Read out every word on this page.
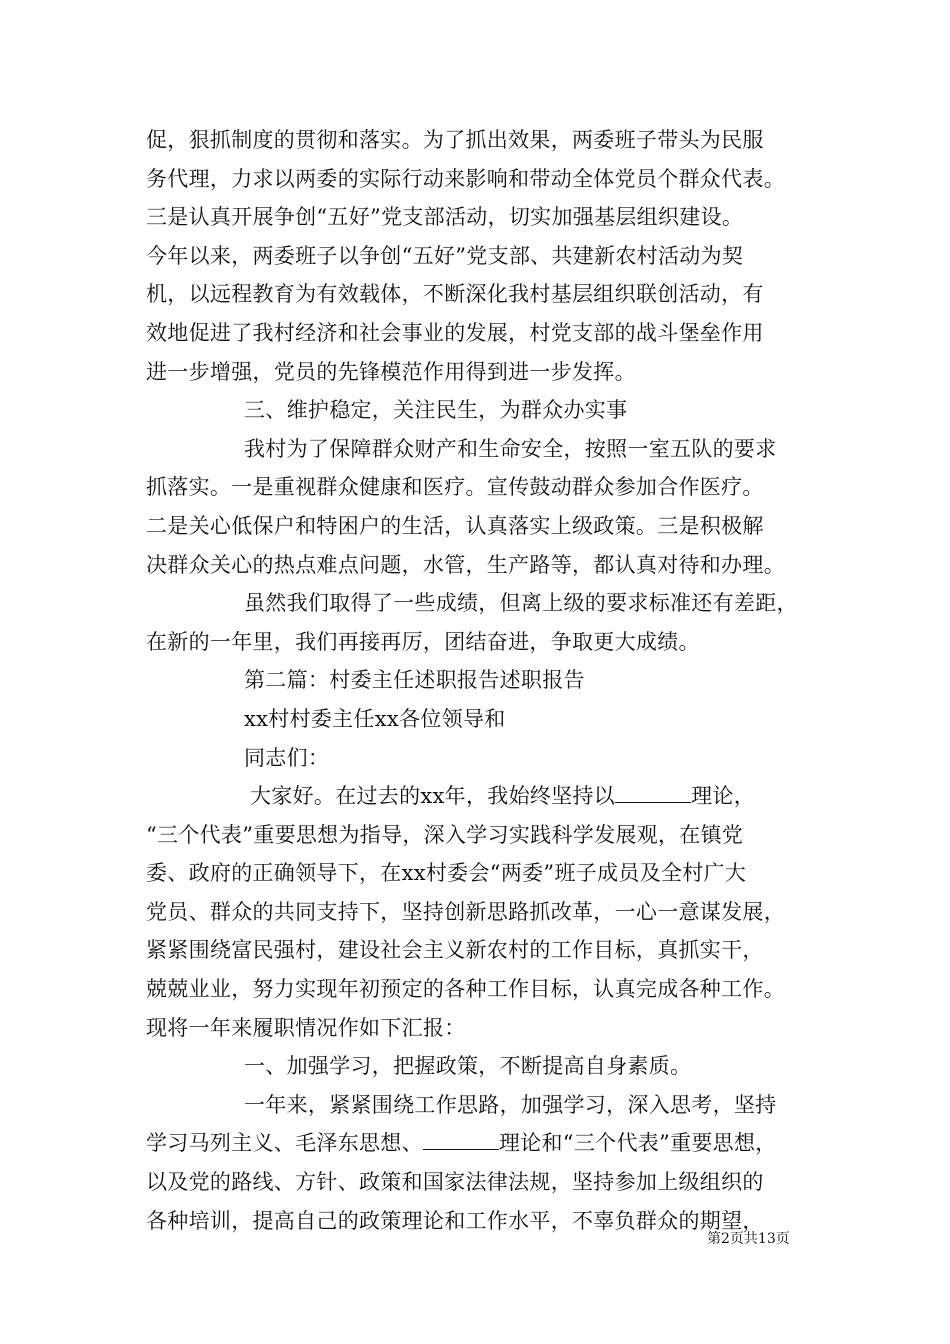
促，狠抓制度的贯彻和落实。为了抓出效果，两委班子带头为民服
务代理，力求以两委的实际行动来影响和带动全体党员个群众代表。
三是认真开展争创“五好”党支部活动，切实加强基层组织建设。
今年以来，两委班子以争创“五好”党支部、共建新农村活动为契
机，以远程教育为有效载体，不断深化我村基层组织联创活动，有
效地促进了我村经济和社会事业的发展，村党支部的战斗堡垒作用
进一步增强，党员的先锋模范作用得到进一步发挥。
三、维护稳定，关注民生，为群众办实事
我村为了保障群众财产和生命安全，按照一室五队的要求
抓落实。一是重视群众健康和医疗。宣传鼓动群众参加合作医疗。
二是关心低保户和特困户的生活，认真落实上级政策。三是积极解
决群众关心的热点难点问题，水管，生产路等，都认真对待和办理。
虽然我们取得了一些成绩，但离上级的要求标准还有差距，
在新的一年里，我们再接再厉，团结奋进，争取更大成绩。
第二篇：村委主任述职报告述职报告
xx村村委主任xx各位领导和
同志们：
大家好。在过去的xx年，我始终坚持以	理论，
“三个代表”重要思想为指导，深入学习实践科学发展观，在镇党
委、政府的正确领导下，在xx村委会“两委”班子成员及全村广大
党员、群众的共同支持下，坚持创新思路抓改革，一心一意谋发展，
紧紧围绕富民强村，建设社会主义新农村的工作目标，真抓实干，
兢兢业业，努力实现年初预定的各种工作目标，认真完成各种工作。
现将一年来履职情况作如下汇报：
一、加强学习，把握政策，不断提高自身素质。
一年来，紧紧围绕工作思路，加强学习，深入思考，坚持
学习马列主义、毛泽东思想、	理论和“三个代表”重要思想，
以及党的路线、方针、政策和国家法律法规，坚持参加上级组织的
各种培训，提高自己的政策理论和工作水平，不辜负群众的期望，
第2页共13页
